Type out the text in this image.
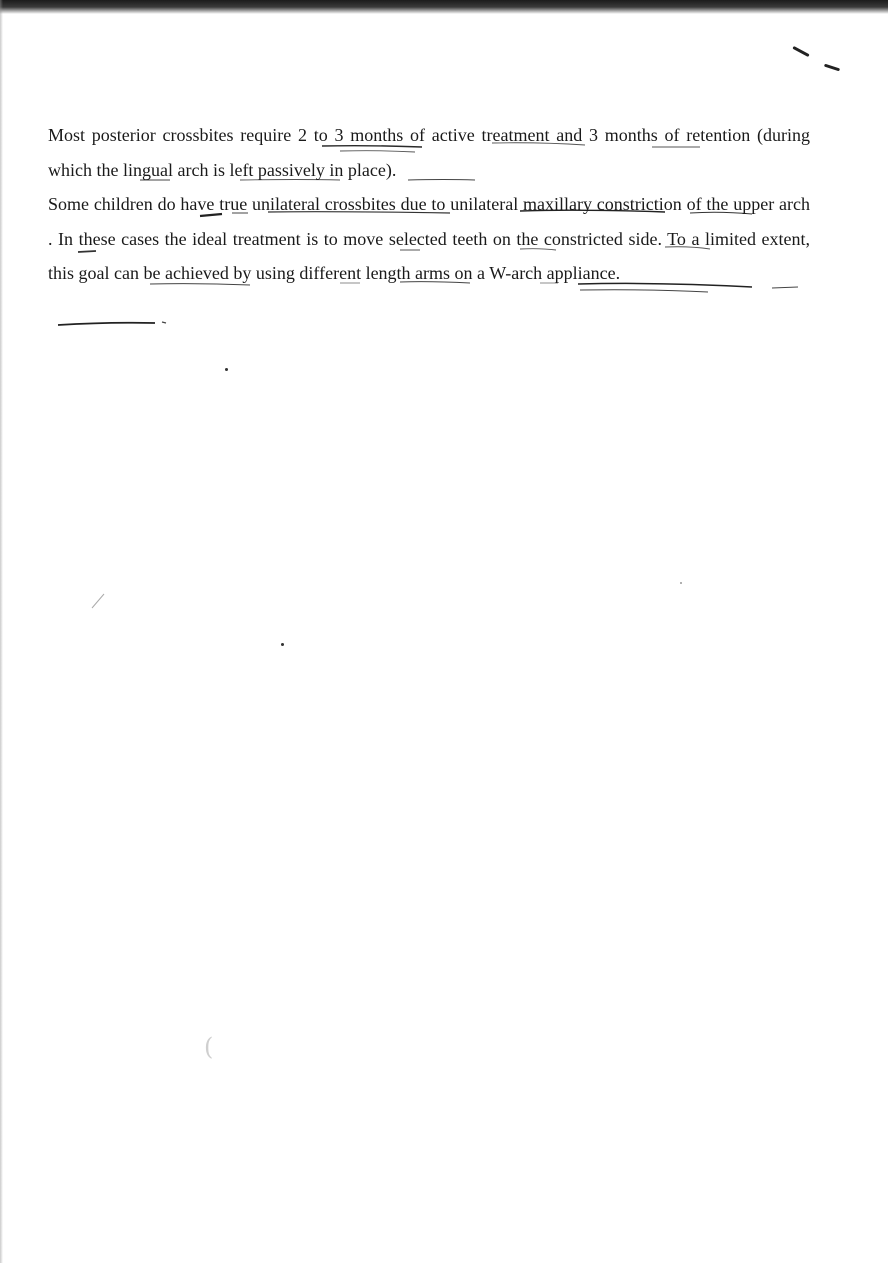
(

Most posterior crossbites require 2 to 3 months of active treatment and 3 months of retention (during which the lingual arch is left passively in place).

Some children do have true unilateral crossbites due to unilateral maxillary constriction of the upper arch . In these cases the ideal treatment is to move selected teeth on the constricted side. To a limited extent, this goal can be achieved by using different length arms on a W-arch appliance.
